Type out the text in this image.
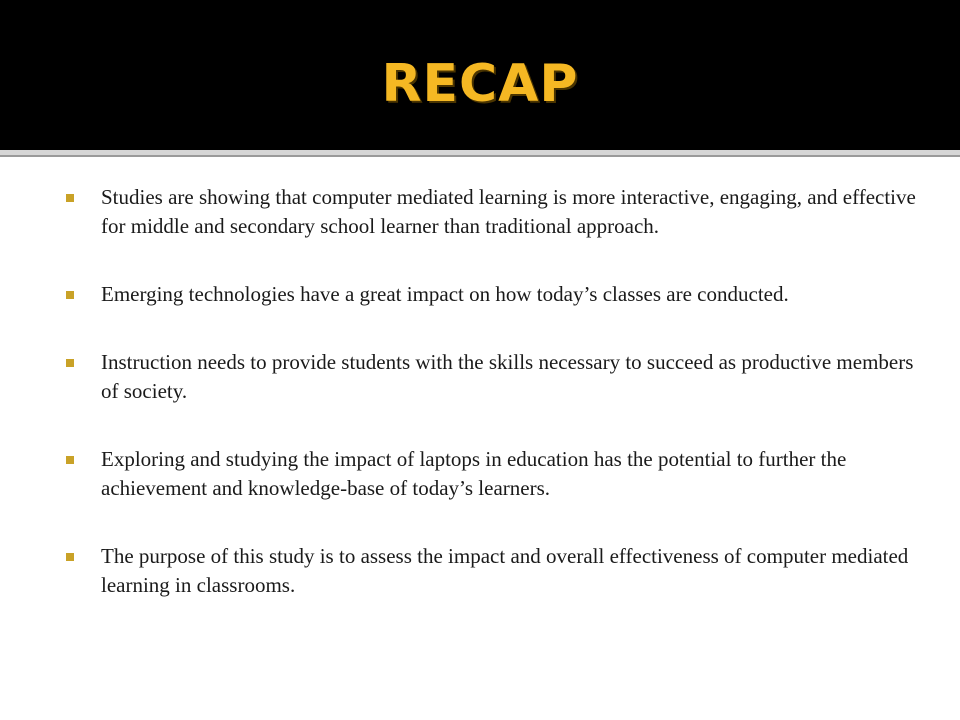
RECAP
Studies are showing that computer mediated learning is more interactive, engaging, and effective for middle and secondary school learner than traditional approach.
Emerging technologies have a great impact on how today’s classes are conducted.
Instruction needs to provide students with the skills necessary to succeed as productive members of society.
Exploring and studying the impact of laptops in education has the potential to further the achievement and knowledge-base of today’s learners.
The purpose of this study is to assess the impact and overall effectiveness of computer mediated learning in classrooms.
